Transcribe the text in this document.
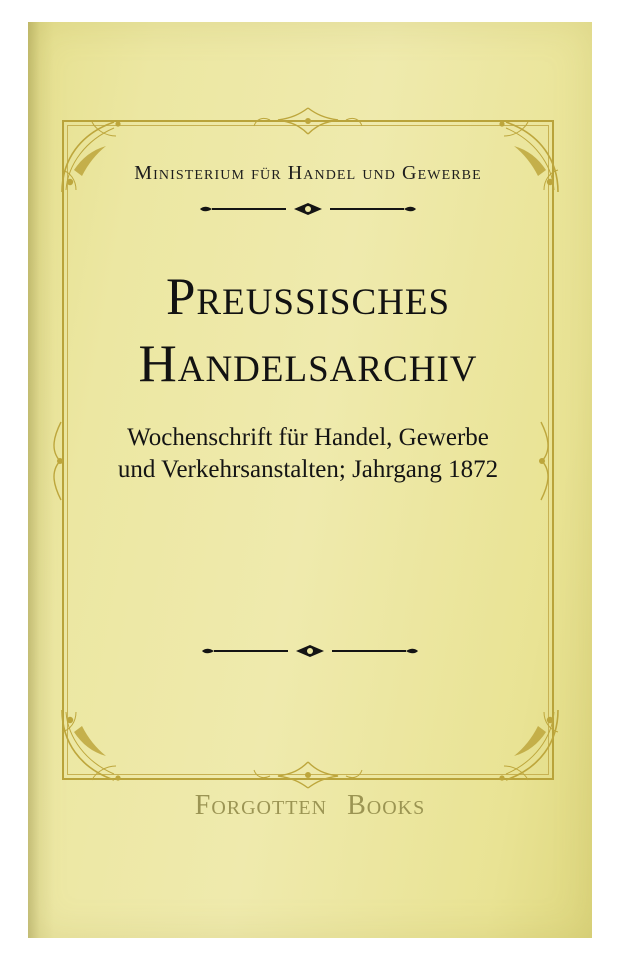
Ministerium für Handel und Gewerbe
Preussisches
Handelsarchiv
Wochenschrift für Handel, Gewerbe
und Verkehrsanstalten; Jahrgang 1872
Forgotten Books
